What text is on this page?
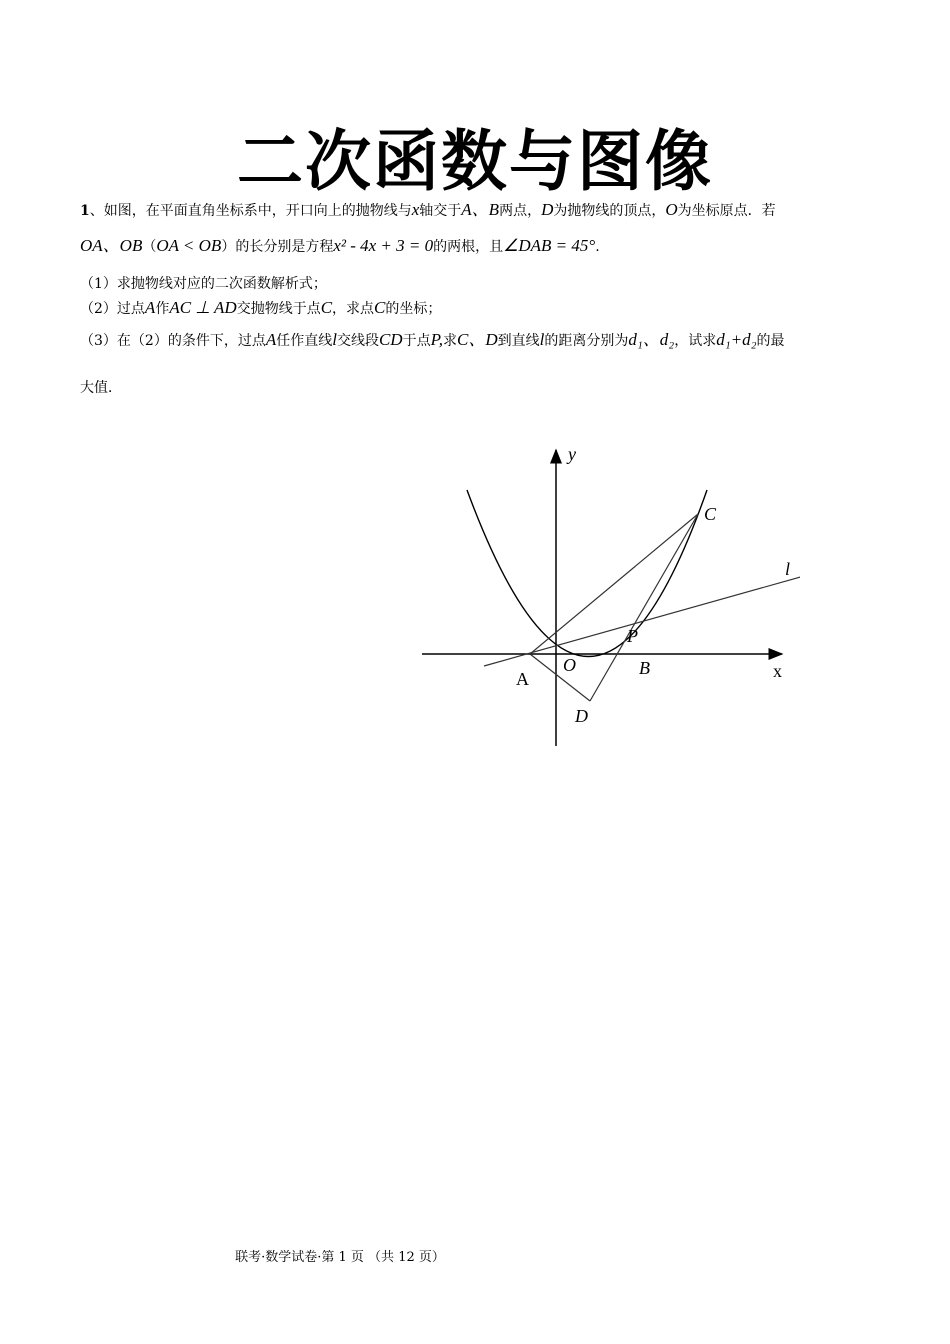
二次函数与图像
1、如图，在平面直角坐标系中，开口向上的抛物线与x轴交于A、B两点，D为抛物线的顶点，O为坐标原点．若
OA、OB（OA < OB）的长分别是方程x² - 4x + 3 = 0的两根，且∠DAB = 45°.
（1）求抛物线对应的二次函数解析式；
（2）过点A作AC ⊥ AD交抛物线于点C，求点C的坐标；
（3）在（2）的条件下，过点A任作直线l交线段CD于点P,求C、D到直线l的距离分别为d₁、d₂，试求d₁+d₂的最
大值．
y
x
A
O	B
C
D
P
l
联考·数学试卷·第 1 页 （共 12 页）
